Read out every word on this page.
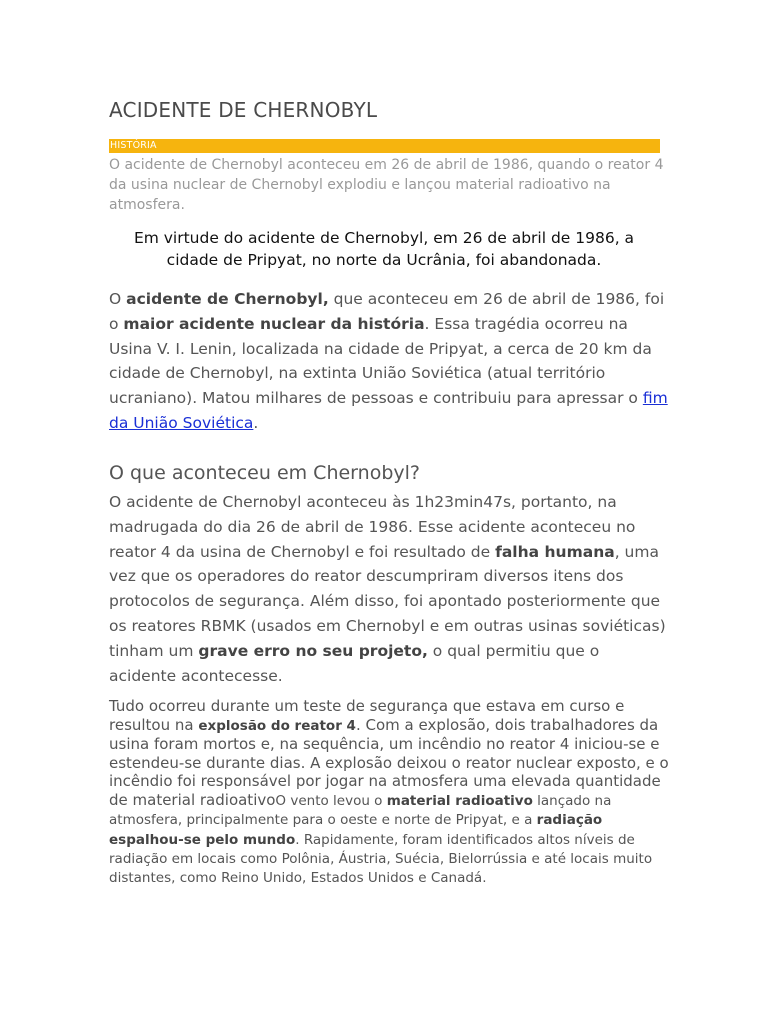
ACIDENTE DE CHERNOBYL
HISTÓRIA

O acidente de Chernobyl aconteceu em 26 de abril de 1986, quando o reator 4 da usina nuclear de Chernobyl explodiu e lançou material radioativo na atmosfera.

Em virtude do acidente de Chernobyl, em 26 de abril de 1986, a cidade de Pripyat, no norte da Ucrânia, foi abandonada.

O acidente de Chernobyl, que aconteceu em 26 de abril de 1986, foi o maior acidente nuclear da história. Essa tragédia ocorreu na Usina V. I. Lenin, localizada na cidade de Pripyat, a cerca de 20 km da cidade de Chernobyl, na extinta União Soviética (atual território ucraniano). Matou milhares de pessoas e contribuiu para apressar o fim da União Soviética.

O que aconteceu em Chernobyl?

O acidente de Chernobyl aconteceu às 1h23min47s, portanto, na madrugada do dia 26 de abril de 1986. Esse acidente aconteceu no reator 4 da usina de Chernobyl e foi resultado de falha humana, uma vez que os operadores do reator descumpriram diversos itens dos protocolos de segurança. Além disso, foi apontado posteriormente que os reatores RBMK (usados em Chernobyl e em outras usinas soviéticas) tinham um grave erro no seu projeto, o qual permitiu que o acidente acontecesse.

Tudo ocorreu durante um teste de segurança que estava em curso e resultou na explosão do reator 4. Com a explosão, dois trabalhadores da usina foram mortos e, na sequência, um incêndio no reator 4 iniciou-se e estendeu-se durante dias. A explosão deixou o reator nuclear exposto, e o incêndio foi responsável por jogar na atmosfera uma elevada quantidade de material radioativoO vento levou o material radioativo lançado na atmosfera, principalmente para o oeste e norte de Pripyat, e a radiação espalhou-se pelo mundo. Rapidamente, foram identificados altos níveis de radiação em locais como Polônia, Áustria, Suécia, Bielorrússia e até locais muito distantes, como Reino Unido, Estados Unidos e Canadá.
